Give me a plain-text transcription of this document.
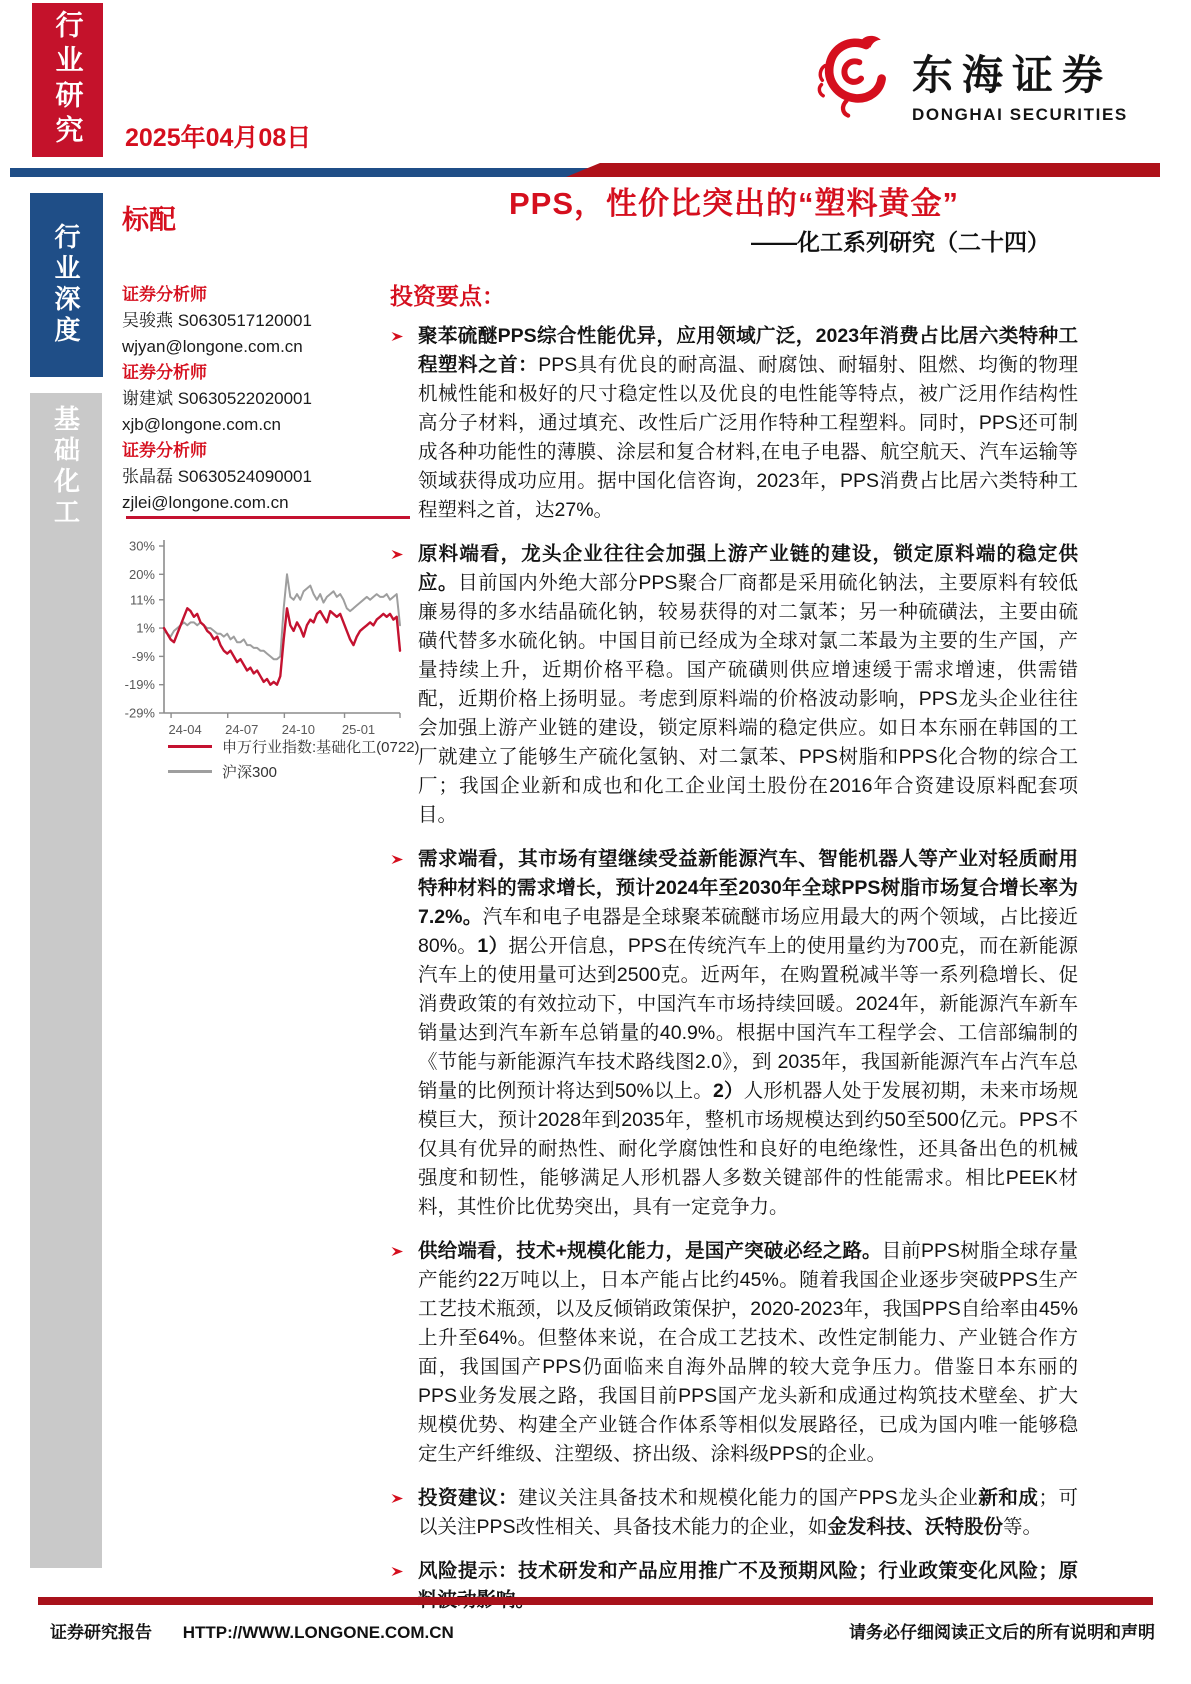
行业研究 2025年04月08日
东海证券
DONGHAI SECURITIES
行业深度
基础化工
标配
证券分析师
吴骏燕 S0630517120001
wjyan@longone.com.cn
证券分析师
谢建斌 S0630522020001
xjb@longone.com.cn
证券分析师
张晶磊 S0630524090001
zjlei@longone.com.cn
30%
20%
11%
1%
-9%
-19%
-29%
24-04 24-07 24-10 25-01
申万行业指数:基础化工(0722)
沪深300
PPS，性价比突出的“塑料黄金”
——化工系列研究（二十四）
投资要点：
聚苯硫醚PPS综合性能优异，应用领域广泛，2023年消费占比居六类特种工程塑料之首：PPS具有优良的耐高温、耐腐蚀、耐辐射、阻燃、均衡的物理机械性能和极好的尺寸稳定性以及优良的电性能等特点，被广泛用作结构性高分子材料，通过填充、改性后广泛用作特种工程塑料。同时，PPS还可制成各种功能性的薄膜、涂层和复合材料,在电子电器、航空航天、汽车运输等领域获得成功应用。据中国化信咨询，2023年，PPS消费占比居六类特种工程塑料之首，达27%。
原料端看，龙头企业往往会加强上游产业链的建设，锁定原料端的稳定供应。目前国内外绝大部分PPS聚合厂商都是采用硫化钠法，主要原料有较低廉易得的多水结晶硫化钠，较易获得的对二氯苯；另一种硫磺法，主要由硫磺代替多水硫化钠。中国目前已经成为全球对氯二苯最为主要的生产国，产量持续上升，近期价格平稳。国产硫磺则供应增速缓于需求增速，供需错配，近期价格上扬明显。考虑到原料端的价格波动影响，PPS龙头企业往往会加强上游产业链的建设，锁定原料端的稳定供应。如日本东丽在韩国的工厂就建立了能够生产硫化氢钠、对二氯苯、PPS树脂和PPS化合物的综合工厂；我国企业新和成也和化工企业闰土股份在2016年合资建设原料配套项目。
需求端看，其市场有望继续受益新能源汽车、智能机器人等产业对轻质耐用特种材料的需求增长，预计2024年至2030年全球PPS树脂市场复合增长率为7.2%。汽车和电子电器是全球聚苯硫醚市场应用最大的两个领域，占比接近80%。1）据公开信息，PPS在传统汽车上的使用量约为700克，而在新能源汽车上的使用量可达到2500克。近两年，在购置税减半等一系列稳增长、促消费政策的有效拉动下，中国汽车市场持续回暖。2024年，新能源汽车新车销量达到汽车新车总销量的40.9%。根据中国汽车工程学会、工信部编制的《节能与新能源汽车技术路线图2.0》，到 2035年，我国新能源汽车占汽车总销量的比例预计将达到50%以上。2）人形机器人处于发展初期，未来市场规模巨大，预计2028年到2035年，整机市场规模达到约50至500亿元。PPS不仅具有优异的耐热性、耐化学腐蚀性和良好的电绝缘性，还具备出色的机械强度和韧性，能够满足人形机器人多数关键部件的性能需求。相比PEEK材料，其性价比优势突出，具有一定竞争力。
供给端看，技术+规模化能力，是国产突破必经之路。目前PPS树脂全球存量产能约22万吨以上，日本产能占比约45%。随着我国企业逐步突破PPS生产工艺技术瓶颈，以及反倾销政策保护，2020-2023年，我国PPS自给率由45%上升至64%。但整体来说，在合成工艺技术、改性定制能力、产业链合作方面，我国国产PPS仍面临来自海外品牌的较大竞争压力。借鉴日本东丽的PPS业务发展之路，我国目前PPS国产龙头新和成通过构筑技术壁垒、扩大规模优势、构建全产业链合作体系等相似发展路径，已成为国内唯一能够稳定生产纤维级、注塑级、挤出级、涂料级PPS的企业。
投资建议：建议关注具备技术和规模化能力的国产PPS龙头企业新和成；可以关注PPS改性相关、具备技术能力的企业，如金发科技、沃特股份等。
风险提示：技术研发和产品应用推广不及预期风险；行业政策变化风险；原
证券研究报告 HTTP://WWW.LONGONE.COM.CN	请务必仔细阅读正文后的所有说明和声明
